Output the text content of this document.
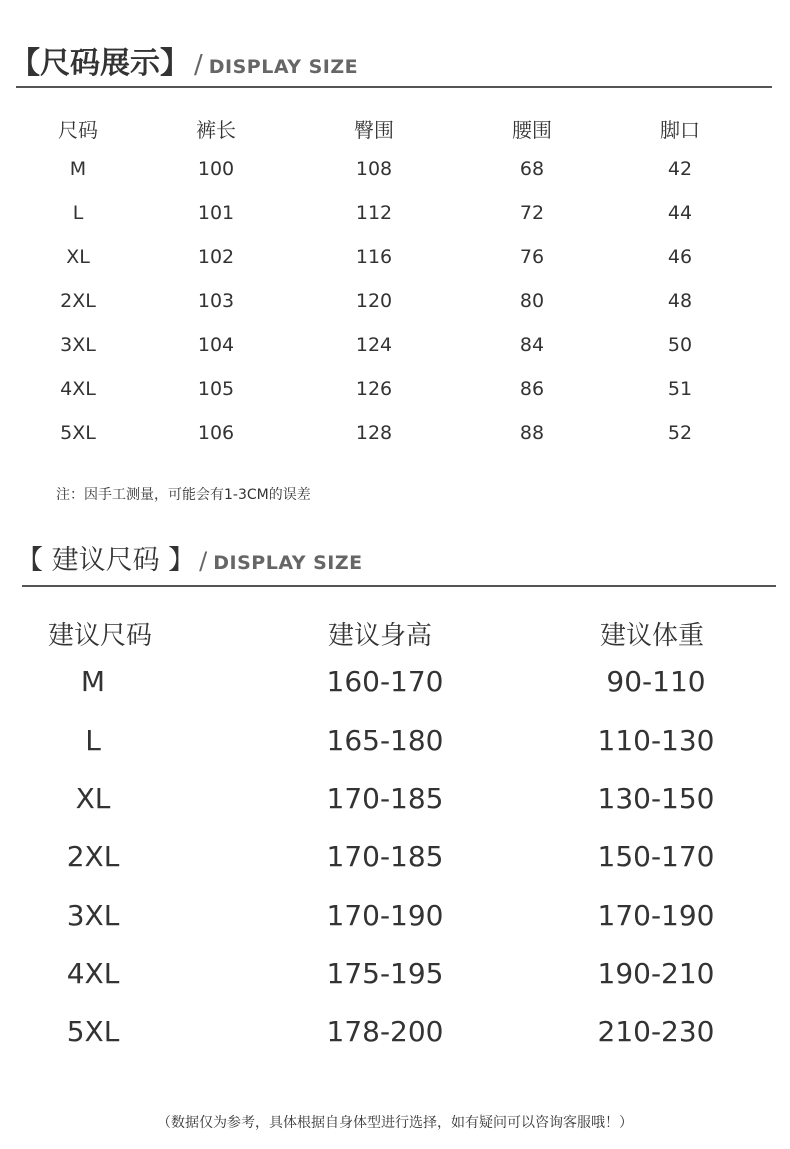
【尺码展示】 / DISPLAY SIZE
尺码	裤长	臀围	腰围	脚口
M	100	108	68	42
L	101	112	72	44
XL	102	116	76	46
2XL	103	120	80	48
3XL	104	124	84	50
4XL	105	126	86	51
5XL	106	128	88	52
注：因手工测量，可能会有1-3CM的误差
【 建议尺码 】 / DISPLAY SIZE
建议尺码	建议身高	建议体重
M	160-170	90-110
L	165-180	110-130
XL	170-185	130-150
2XL	170-185	150-170
3XL	170-190	170-190
4XL	175-195	190-210
5XL	178-200	210-230
（数据仅为参考，具体根据自身体型进行选择，如有疑问可以咨询客服哦！）
